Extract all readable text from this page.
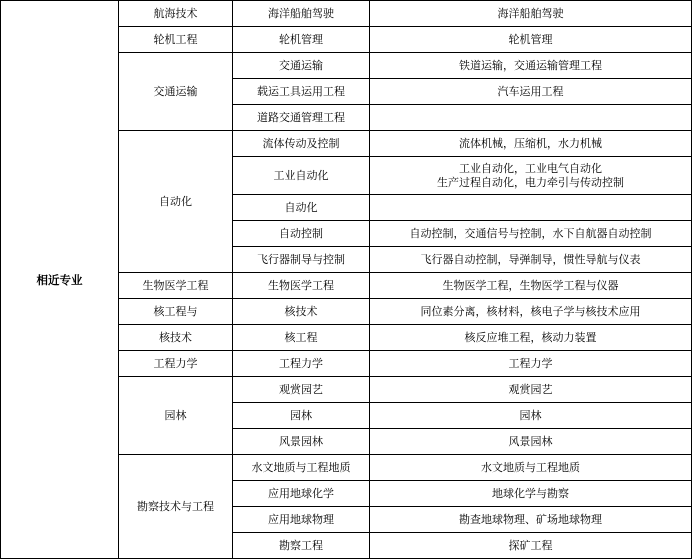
相近专业	航海技术	海洋船舶驾驶	海洋船舶驾驶
	轮机工程	轮机管理	轮机管理
	交通运输	交通运输	铁道运输，交通运输管理工程
		载运工具运用工程	汽车运用工程
		道路交通管理工程	
	自动化	流体传动及控制	流体机械，压缩机，水力机械
		工业自动化	工业自动化，工业电气自动化
生产过程自动化，电力牵引与传动控制

		自动化	
		自动控制	自动控制，交通信号与控制，水下自航器自动控制
		飞行器制导与控制	飞行器自动控制，导弹制导，惯性导航与仪表
	生物医学工程	生物医学工程	生物医学工程，生物医学工程与仪器
	核工程与	核技术	同位素分离，核材料，核电子学与核技术应用
	核技术	核工程	核反应堆工程，核动力装置
	工程力学	工程力学	工程力学
	园林	观赏园艺	观赏园艺
		园林	园林
		风景园林	风景园林
	勘察技术与工程	水文地质与工程地质	水文地质与工程地质
		应用地球化学	地球化学与勘察
		应用地球物理	勘查地球物理、矿场地球物理
		勘察工程	探矿工程
